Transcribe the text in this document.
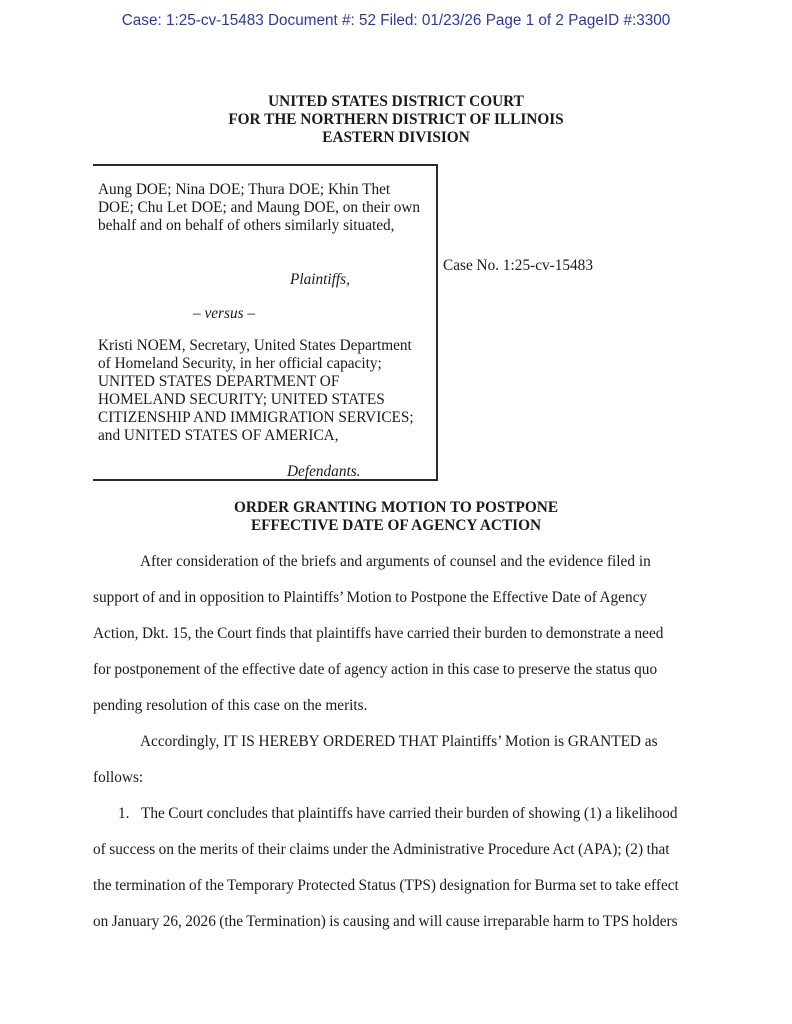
Case: 1:25-cv-15483 Document #: 52 Filed: 01/23/26 Page 1 of 2 PageID #:3300
UNITED STATES DISTRICT COURT
FOR THE NORTHERN DISTRICT OF ILLINOIS
EASTERN DIVISION
Aung DOE; Nina DOE; Thura DOE; Khin Thet
DOE; Chu Let DOE; and Maung DOE, on their own
behalf and on behalf of others similarly situated,
Plaintiffs,
– versus –
Kristi NOEM, Secretary, United States Department
of Homeland Security, in her official capacity;
UNITED STATES DEPARTMENT OF
HOMELAND SECURITY; UNITED STATES
CITIZENSHIP AND IMMIGRATION SERVICES;
and UNITED STATES OF AMERICA,
Defendants.
Case No. 1:25-cv-15483
ORDER GRANTING MOTION TO POSTPONE
EFFECTIVE DATE OF AGENCY ACTION
After consideration of the briefs and arguments of counsel and the evidence filed in
support of and in opposition to Plaintiffs’ Motion to Postpone the Effective Date of Agency
Action, Dkt. 15, the Court finds that plaintiffs have carried their burden to demonstrate a need
for postponement of the effective date of agency action in this case to preserve the status quo
pending resolution of this case on the merits.
Accordingly, IT IS HEREBY ORDERED THAT Plaintiffs’ Motion is GRANTED as
follows:
1. The Court concludes that plaintiffs have carried their burden of showing (1) a likelihood
of success on the merits of their claims under the Administrative Procedure Act (APA); (2) that
the termination of the Temporary Protected Status (TPS) designation for Burma set to take effect
on January 26, 2026 (the Termination) is causing and will cause irreparable harm to TPS holders
